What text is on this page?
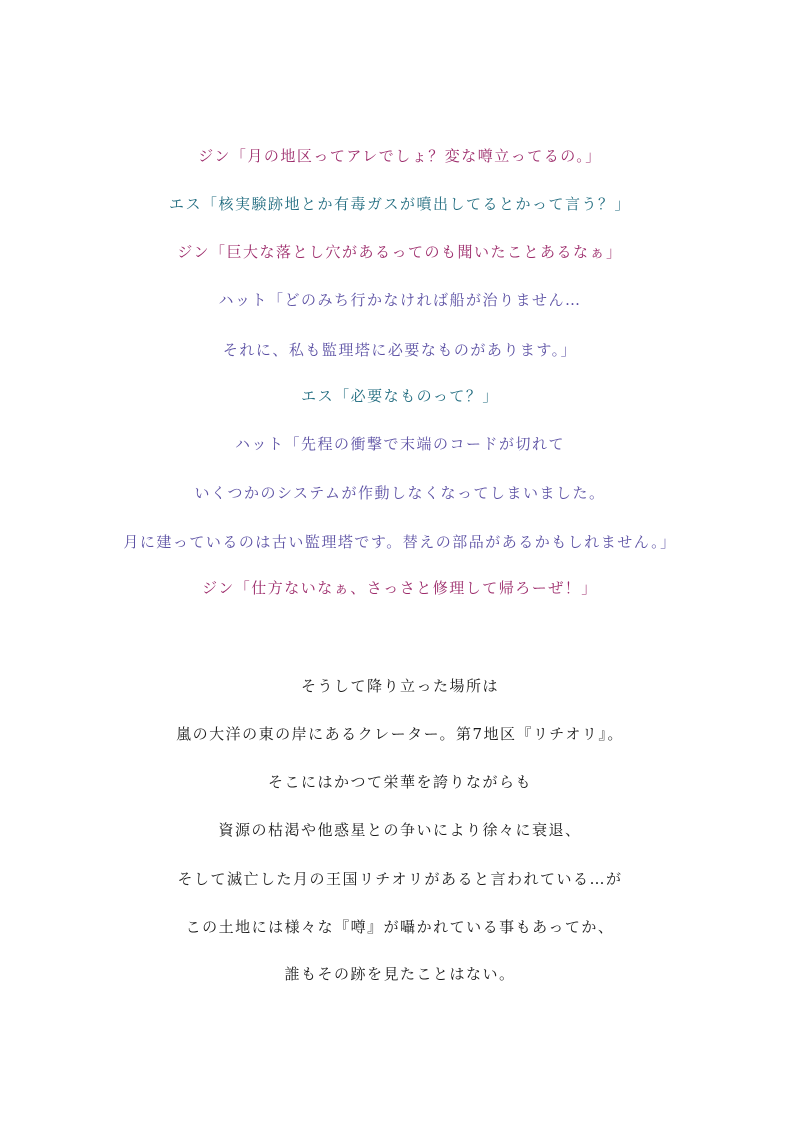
ジン「月の地区ってアレでしょ？変な噂立ってるの。」
エス「核実験跡地とか有毒ガスが噴出してるとかって言う？」
ジン「巨大な落とし穴があるってのも聞いたことあるなぁ」
ハット「どのみち行かなければ船が治りません…
それに、私も監理塔に必要なものがあります。」
エス「必要なものって？」
ハット「先程の衝撃で末端のコードが切れて
いくつかのシステムが作動しなくなってしまいました。
月に建っているのは古い監理塔です。替えの部品があるかもしれません。」
ジン「仕方ないなぁ、さっさと修理して帰ろーぜ！」
そうして降り立った場所は
嵐の大洋の東の岸にあるクレーター。第7地区『リチオリ』。
そこにはかつて栄華を誇りながらも
資源の枯渇や他惑星との争いにより徐々に衰退、
そして滅亡した月の王国リチオリがあると言われている…が
この土地には様々な『噂』が囁かれている事もあってか、
誰もその跡を見たことはない。
